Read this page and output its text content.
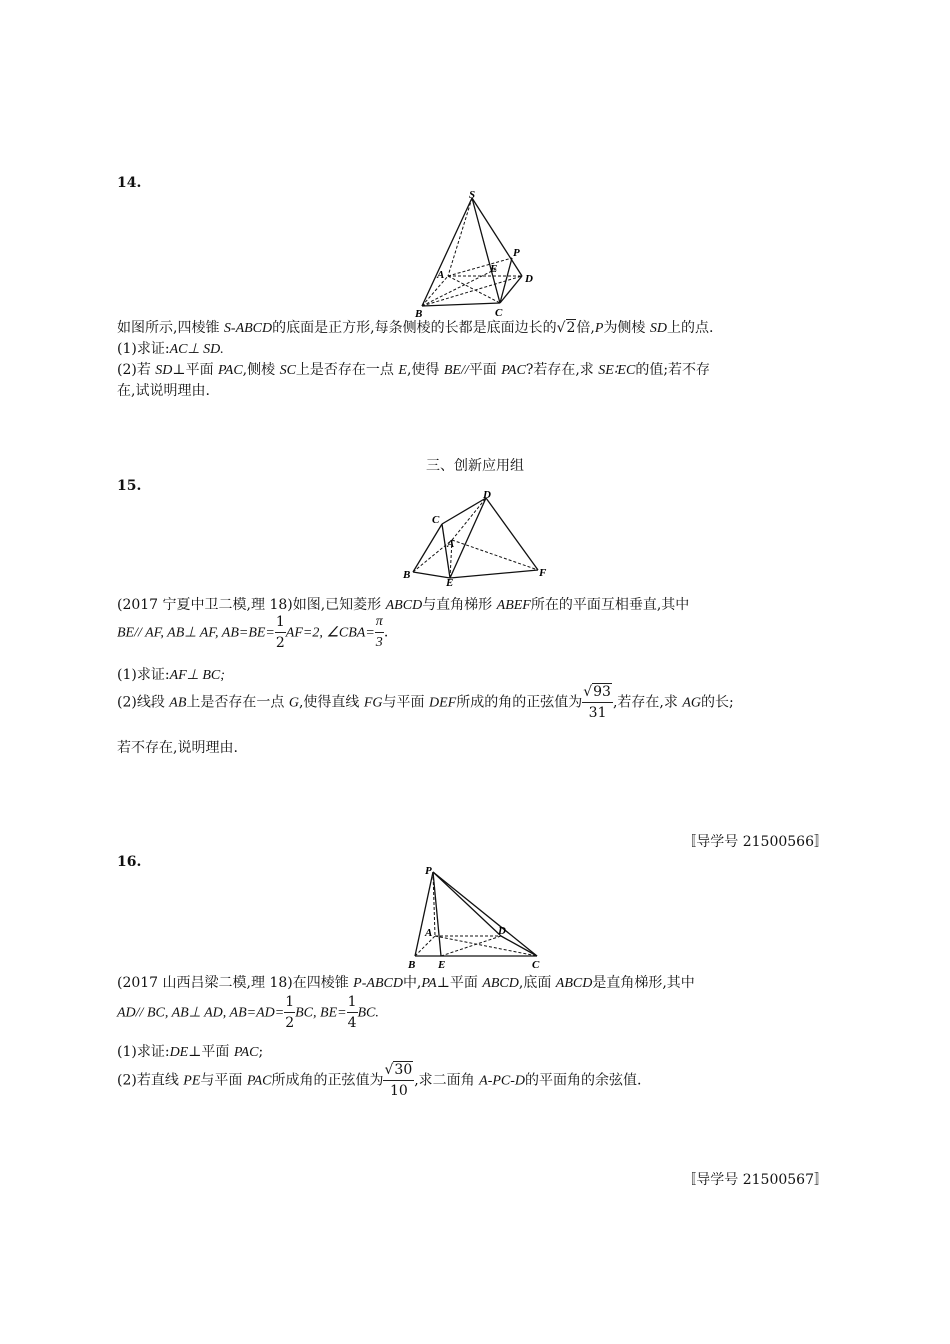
14.
S
P
A	E
D
B	C
如图所示,四棱锥 S-ABCD的底面是正方形,每条侧棱的长都是底面边长的√2倍,P为侧棱 SD上的点.
(1)求证:AC⊥ SD.
(2)若 SD⊥平面 PAC,侧棱 SC上是否存在一点 E,使得 BE//平面 PAC?若存在,求 SE∶EC的值;若不存
在,试说明理由.
三、创新应用组
15.
D
C
A
B
E
F
(2017 宁夏中卫二模,理 18)如图,已知菱形 ABCD与直角梯形 ABEF所在的平面互相垂直,其中
BE// AF, AB⊥ AF, $AB=BE= \frac{1}{2} AF=2$, ∠CBA= $\frac{\pi}{3}$ .
(1)求证:AF⊥ BC;
(2)线段 AB上是否存在一点 G,使得直线 FG与平面 DEF所成的角的正弦值为 $\frac{√93}{31}$ ,若存在,求 AG的长;
若不存在,说明理由.
〚导学号 21500566〛
16.
P
A	D
B E	C
(2017 山西吕梁二模,理 18)在四棱锥 P-ABCD中,PA⊥平面 ABCD,底面 ABCD是直角梯形,其中
AD// BC, AB⊥ AD, $AB=AD= \frac{1}{2}$ BC, $BE= \frac{1}{4}$ BC.
(1)求证:DE⊥平面 PAC;
(2)若直线 PE与平面 PAC所成角的正弦值为 $\frac{√30}{10}$ ,求二面角 A-PC-D的平面角的余弦值.
〚导学号 21500567〛
